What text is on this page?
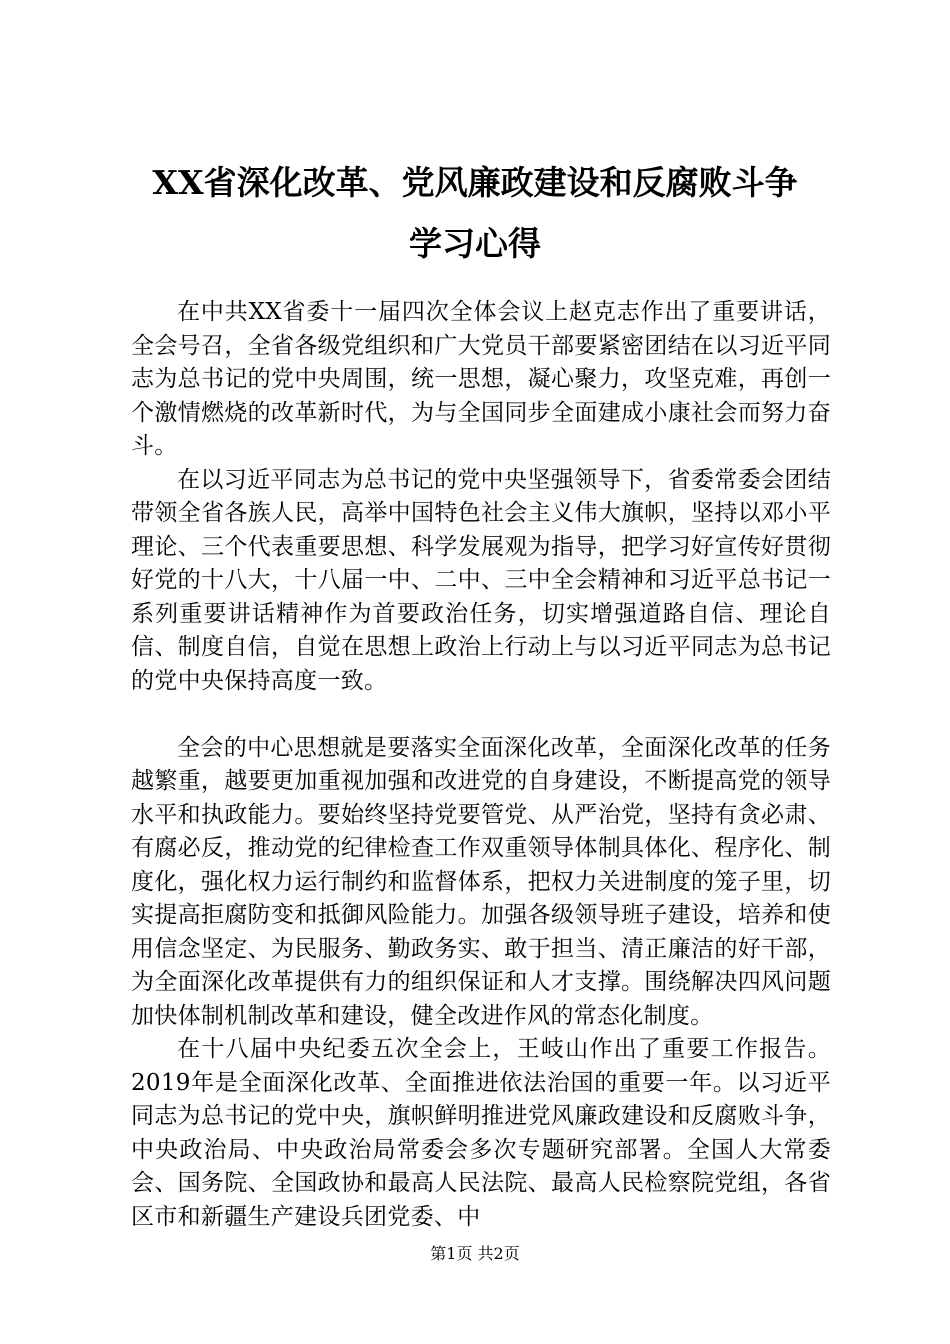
XX省深化改革、党风廉政建设和反腐败斗争
学习心得

在中共XX省委十一届四次全体会议上赵克志作出了重要讲话，全会号召，全省各级党组织和广大党员干部要紧密团结在以习近平同志为总书记的党中央周围，统一思想，凝心聚力，攻坚克难，再创一个激情燃烧的改革新时代，为与全国同步全面建成小康社会而努力奋斗。

在以习近平同志为总书记的党中央坚强领导下，省委常委会团结带领全省各族人民，高举中国特色社会主义伟大旗帜，坚持以邓小平理论、三个代表重要思想、科学发展观为指导，把学习好宣传好贯彻好党的十八大，十八届一中、二中、三中全会精神和习近平总书记一系列重要讲话精神作为首要政治任务，切实增强道路自信、理论自信、制度自信，自觉在思想上政治上行动上与以习近平同志为总书记的党中央保持高度一致。

全会的中心思想就是要落实全面深化改革，全面深化改革的任务越繁重，越要更加重视加强和改进党的自身建设，不断提高党的领导水平和执政能力。要始终坚持党要管党、从严治党，坚持有贪必肃、有腐必反，推动党的纪律检查工作双重领导体制具体化、程序化、制度化，强化权力运行制约和监督体系，把权力关进制度的笼子里，切实提高拒腐防变和抵御风险能力。加强各级领导班子建设，培养和使用信念坚定、为民服务、勤政务实、敢于担当、清正廉洁的好干部，为全面深化改革提供有力的组织保证和人才支撑。围绕解决四风问题加快体制机制改革和建设，健全改进作风的常态化制度。

在十八届中央纪委五次全会上，王岐山作出了重要工作报告。2019年是全面深化改革、全面推进依法治国的重要一年。以习近平同志为总书记的党中央，旗帜鲜明推进党风廉政建设和反腐败斗争，中央政治局、中央政治局常委会多次专题研究部署。全国人大常委会、国务院、全国政协和最高人民法院、最高人民检察院党组，各省区市和新疆生产建设兵团党委、中

第1页 共2页
